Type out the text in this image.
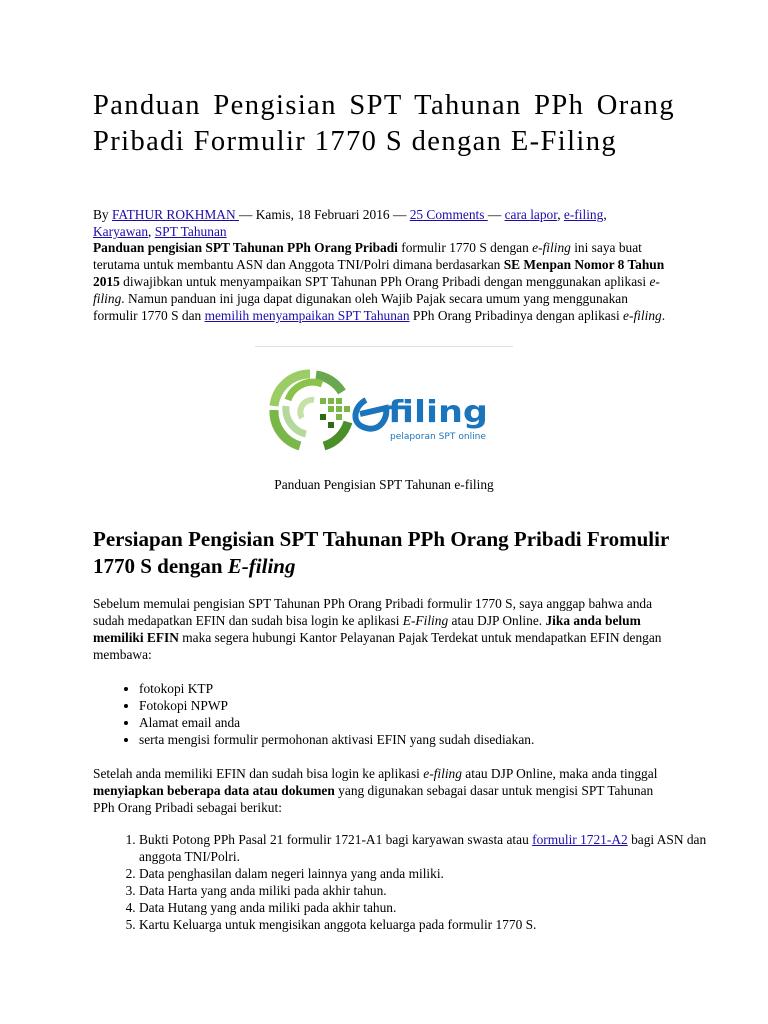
Panduan Pengisian SPT Tahunan PPh Orang Pribadi Formulir 1770 S dengan E-Filing

By FATHUR ROKHMAN — Kamis, 18 Februari 2016 — 25 Comments — cara lapor, e-filing, Karyawan, SPT Tahunan

Panduan pengisian SPT Tahunan PPh Orang Pribadi formulir 1770 S dengan e-filing ini saya buat terutama untuk membantu ASN dan Anggota TNI/Polri dimana berdasarkan SE Menpan Nomor 8 Tahun 2015 diwajibkan untuk menyampaikan SPT Tahunan PPh Orang Pribadi dengan menggunakan aplikasi e-filing. Namun panduan ini juga dapat digunakan oleh Wajib Pajak secara umum yang menggunakan formulir 1770 S dan memilih menyampaikan SPT Tahunan PPh Orang Pribadinya dengan aplikasi e-filing.

filing
pelaporan SPT online

Panduan Pengisian SPT Tahunan e-filing

Persiapan Pengisian SPT Tahunan PPh Orang Pribadi Fromulir 1770 S dengan E-filing

Sebelum memulai pengisian SPT Tahunan PPh Orang Pribadi formulir 1770 S, saya anggap bahwa anda sudah medapatkan EFIN dan sudah bisa login ke aplikasi E-Filing atau DJP Online. Jika anda belum memiliki EFIN maka segera hubungi Kantor Pelayanan Pajak Terdekat untuk mendapatkan EFIN dengan membawa:

• fotokopi KTP
• Fotokopi NPWP
• Alamat email anda
• serta mengisi formulir permohonan aktivasi EFIN yang sudah disediakan.

Setelah anda memiliki EFIN dan sudah bisa login ke aplikasi e-filing atau DJP Online, maka anda tinggal menyiapkan beberapa data atau dokumen yang digunakan sebagai dasar untuk mengisi SPT Tahunan PPh Orang Pribadi sebagai berikut:

1. Bukti Potong PPh Pasal 21 formulir 1721-A1 bagi karyawan swasta atau formulir 1721-A2 bagi ASN dan anggota TNI/Polri.
2. Data penghasilan dalam negeri lainnya yang anda miliki.
3. Data Harta yang anda miliki pada akhir tahun.
4. Data Hutang yang anda miliki pada akhir tahun.
5. Kartu Keluarga untuk mengisikan anggota keluarga pada formulir 1770 S.
